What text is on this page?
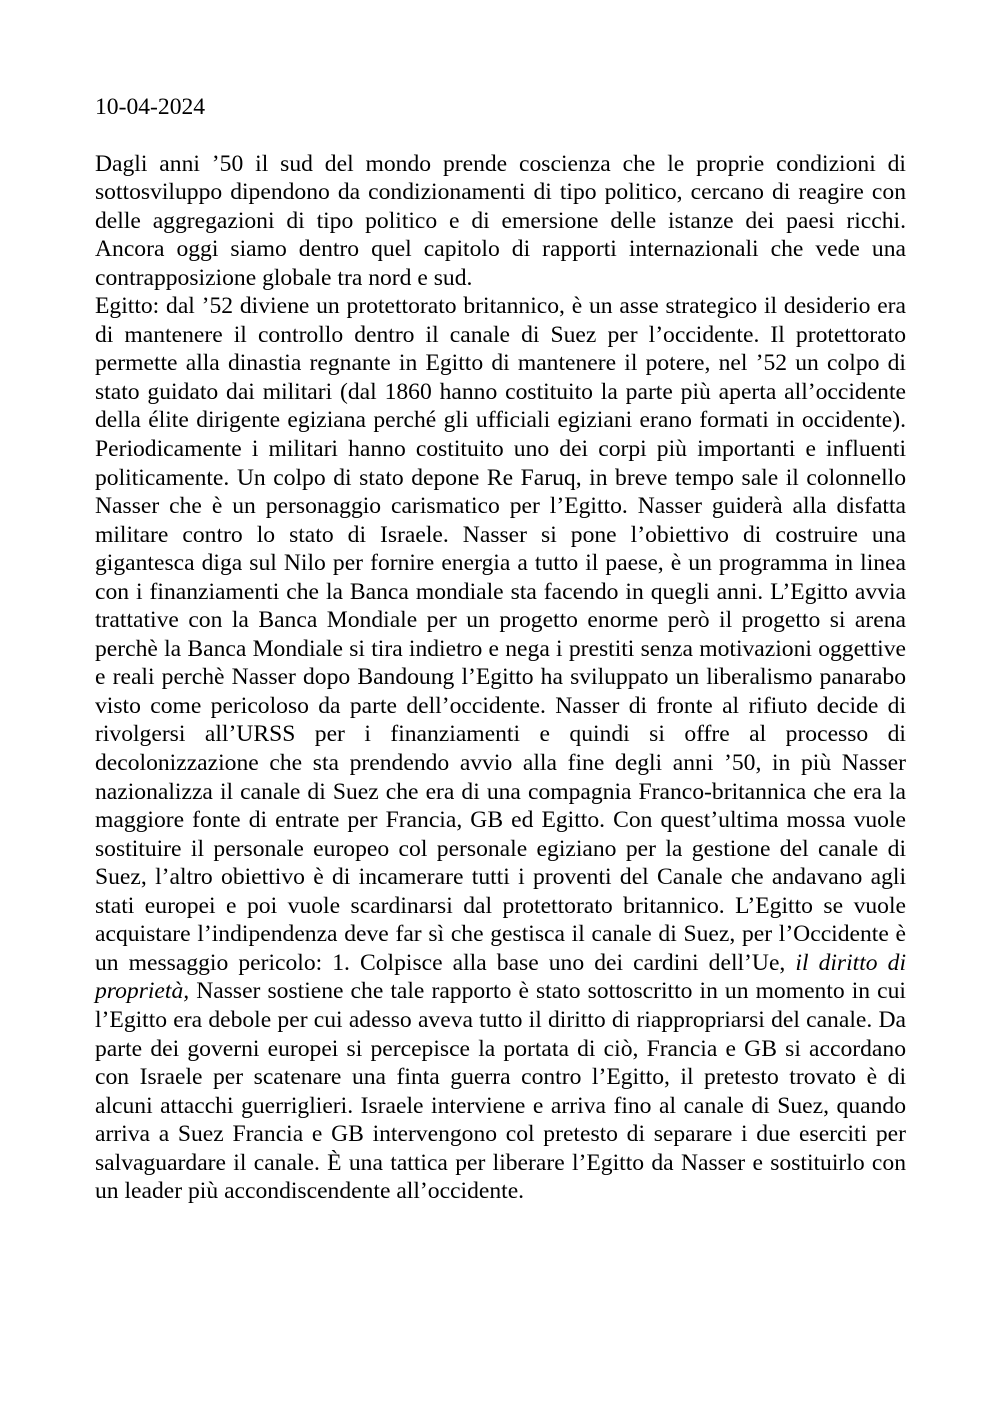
10-04-2024

Dagli anni ’50 il sud del mondo prende coscienza che le proprie condizioni di sottosviluppo dipendono da condizionamenti di tipo politico, cercano di reagire con delle aggregazioni di tipo politico e di emersione delle istanze dei paesi ricchi. Ancora oggi siamo dentro quel capitolo di rapporti internazionali che vede una contrapposizione globale tra nord e sud.

Egitto: dal ’52 diviene un protettorato britannico, è un asse strategico il desiderio era di mantenere il controllo dentro il canale di Suez per l’occidente. Il protettorato permette alla dinastia regnante in Egitto di mantenere il potere, nel ’52 un colpo di stato guidato dai militari (dal 1860 hanno costituito la parte più aperta all’occidente della élite dirigente egiziana perché gli ufficiali egiziani erano formati in occidente). Periodicamente i militari hanno costituito uno dei corpi più importanti e influenti politicamente. Un colpo di stato depone Re Faruq, in breve tempo sale il colonnello Nasser che è un personaggio carismatico per l’Egitto. Nasser guiderà alla disfatta militare contro lo stato di Israele. Nasser si pone l’obiettivo di costruire una gigantesca diga sul Nilo per fornire energia a tutto il paese, è un programma in linea con i finanziamenti che la Banca mondiale sta facendo in quegli anni. L’Egitto avvia trattative con la Banca Mondiale per un progetto enorme però il progetto si arena perchè la Banca Mondiale si tira indietro e nega i prestiti senza motivazioni oggettive e reali perchè Nasser dopo Bandoung l’Egitto ha sviluppato un liberalismo panarabo visto come pericoloso da parte dell’occidente. Nasser di fronte al rifiuto decide di rivolgersi all’URSS per i finanziamenti e quindi si offre al processo di decolonizzazione che sta prendendo avvio alla fine degli anni ’50, in più Nasser nazionalizza il canale di Suez che era di una compagnia Franco-britannica che era la maggiore fonte di entrate per Francia, GB ed Egitto. Con quest’ultima mossa vuole sostituire il personale europeo col personale egiziano per la gestione del canale di Suez, l’altro obiettivo è di incamerare tutti i proventi del Canale che andavano agli stati europei e poi vuole scardinarsi dal protettorato britannico. L’Egitto se vuole acquistare l’indipendenza deve far sì che gestisca il canale di Suez, per l’Occidente è un messaggio pericolo: 1. Colpisce alla base uno dei cardini dell’Ue, il diritto di proprietà, Nasser sostiene che tale rapporto è stato sottoscritto in un momento in cui l’Egitto era debole per cui adesso aveva tutto il diritto di riappropriarsi del canale. Da parte dei governi europei si percepisce la portata di ciò, Francia e GB si accordano con Israele per scatenare una finta guerra contro l’Egitto, il pretesto trovato è di alcuni attacchi guerriglieri. Israele interviene e arriva fino al canale di Suez, quando arriva a Suez Francia e GB intervengono col pretesto di separare i due eserciti per salvaguardare il canale. È una tattica per liberare l’Egitto da Nasser e sostituirlo con un leader più accondiscendente all’occidente.
